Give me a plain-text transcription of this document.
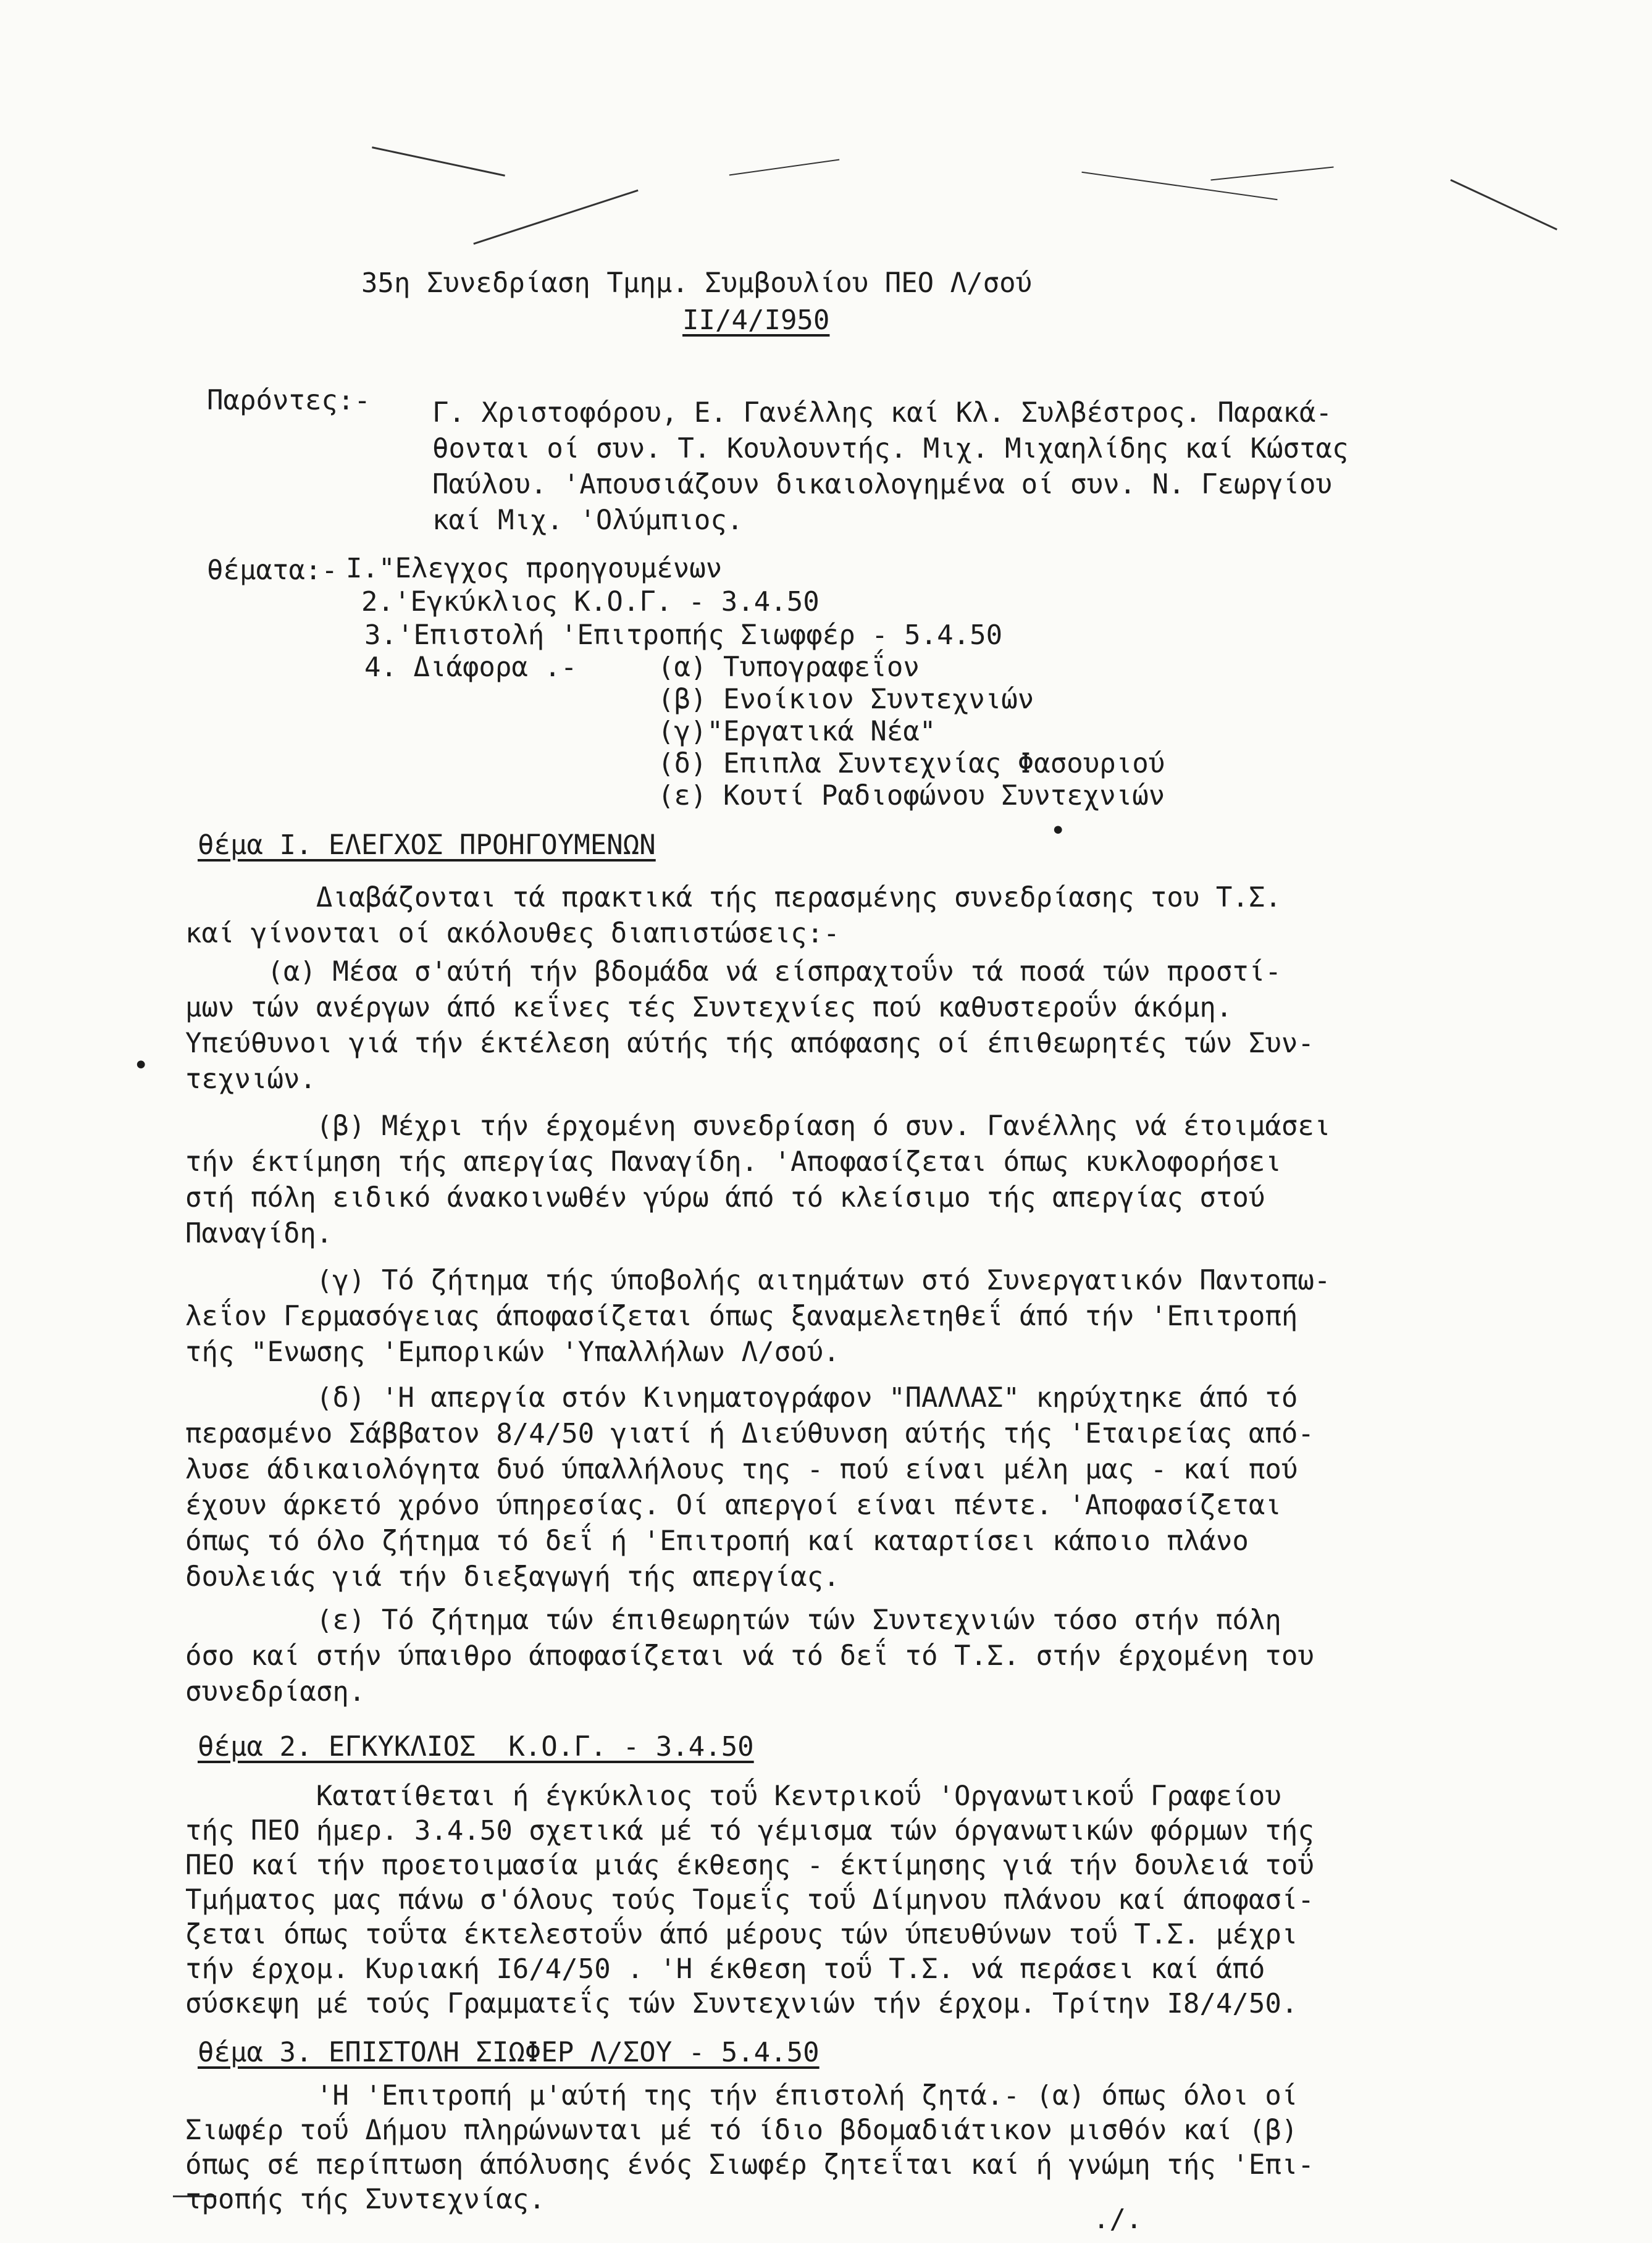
•
•
35η Συνεδρίαση Τμημ. Συμβουλίου ΠΕΟ Λ/σού
II/4/I950
Παρόντες:- Γ. Χριστοφόρου, Ε. Γανέλλης καί Κλ. Συλβέστρος. Παρακά-
θονται οί συν. Τ. Κουλουντής. Μιχ. Μιχαηλίδης καί Κώστας
Παύλου. 'Απουσιάζουν δικαιολογημένα οί συν. Ν. Γεωργίου
καί Μιχ. 'Ολύμπιος.
θέματα:- I."Ελεγχος προηγουμένων
2.'Εγκύκλιος Κ.Ο.Γ. - 3.4.50
3.'Επιστολή 'Επιτροπής Σιωφφέρ - 5.4.50
4. Διάφορα .-	(α) Τυπογραφεΐον
(β) Ενοίκιον Συντεχνιών
(γ)"Εργατικά Νέα"
(δ) Επιπλα Συντεχνίας Φασουριού
(ε) Κουτί Ραδιοφώνου Συντεχνιών
θέμα I. ΕΛΕΓΧΟΣ ΠΡΟΗΓΟΥΜΕΝΩΝ
Διαβάζονται τά πρακτικά τής περασμένης συνεδρίασης του Τ.Σ.
καί γίνονται οί ακόλουθες διαπιστώσεις:-
(α) Μέσα σ'αύτή τήν βδομάδα νά είσπραχτοΰν τά ποσά τών προστί-
μων τών ανέργων άπό κεΐνες τές Συντεχνίες πού καθυστεροΰν άκόμη.
Υπεύθυνοι γιά τήν έκτέλεση αύτής τής απόφασης οί έπιθεωρητές τών Συν-
τεχνιών.
(β) Μέχρι τήν έρχομένη συνεδρίαση ό συν. Γανέλλης νά έτοιμάσει
τήν έκτίμηση τής απεργίας Παναγίδη. 'Αποφασίζεται όπως κυκλοφορήσει
στή πόλη ειδικό άνακοινωθέν γύρω άπό τό κλείσιμο τής απεργίας στού
Παναγίδη.
(γ) Τό ζήτημα τής ύποβολής αιτημάτων στό Συνεργατικόν Παντοπω-
λεΐον Γερμασόγειας άποφασίζεται όπως ξαναμελετηθεΐ άπό τήν 'Επιτροπή
τής "Ενωσης 'Εμπορικών 'Υπαλλήλων Λ/σού.
(δ) 'Η απεργία στόν Κινηματογράφον "ΠΑΛΛΑΣ" κηρύχτηκε άπό τό
περασμένο Σάββατον 8/4/50 γιατί ή Διεύθυνση αύτής τής 'Εταιρείας από-
λυσε άδικαιολόγητα δυό ύπαλλήλους της - πού είναι μέλη μας - καί πού
έχουν άρκετό χρόνο ύπηρεσίας. Οί απεργοί είναι πέντε. 'Αποφασίζεται
όπως τό όλο ζήτημα τό δεΐ ή 'Επιτροπή καί καταρτίσει κάποιο πλάνο
δουλειάς γιά τήν διεξαγωγή τής απεργίας.
(ε) Τό ζήτημα τών έπιθεωρητών τών Συντεχνιών τόσο στήν πόλη
όσο καί στήν ύπαιθρο άποφασίζεται νά τό δεΐ τό Τ.Σ. στήν έρχομένη του
συνεδρίαση.
θέμα 2. ΕΓΚΥΚΛΙΟΣ  Κ.Ο.Γ. - 3.4.50
Κατατίθεται ή έγκύκλιος τοΰ Κεντρικοΰ 'Οργανωτικοΰ Γραφείου
τής ΠΕΟ ήμερ. 3.4.50 σχετικά μέ τό γέμισμα τών όργανωτικών φόρμων τής
ΠΕΟ καί τήν προετοιμασία μιάς έκθεσης - έκτίμησης γιά τήν δουλειά τοΰ
Τμήματος μας πάνω σ'όλους τούς Τομεΐς τοΰ Δίμηνου πλάνου καί άποφασί-
ζεται όπως τοΰτα έκτελεστοΰν άπό μέρους τών ύπευθύνων τοΰ Τ.Σ. μέχρι
τήν έρχομ. Κυριακή I6/4/50 . 'Η έκθεση τοΰ Τ.Σ. νά περάσει καί άπό
σύσκεψη μέ τούς Γραμματεΐς τών Συντεχνιών τήν έρχομ. Τρίτην I8/4/50.
θέμα 3. ΕΠΙΣΤΟΛΗ ΣΙΩΦΕΡ Λ/ΣΟΥ - 5.4.50
'Η 'Επιτροπή μ'αύτή της τήν έπιστολή ζητά.- (α) όπως όλοι οί
Σιωφέρ τοΰ Δήμου πληρώνωνται μέ τό ίδιο βδομαδιάτικον μισθόν καί (β)
όπως σέ περίπτωση άπόλυσης ένός Σιωφέρ ζητεΐται καί ή γνώμη τής 'Επι-
τροπής τής Συντεχνίας.
./.
